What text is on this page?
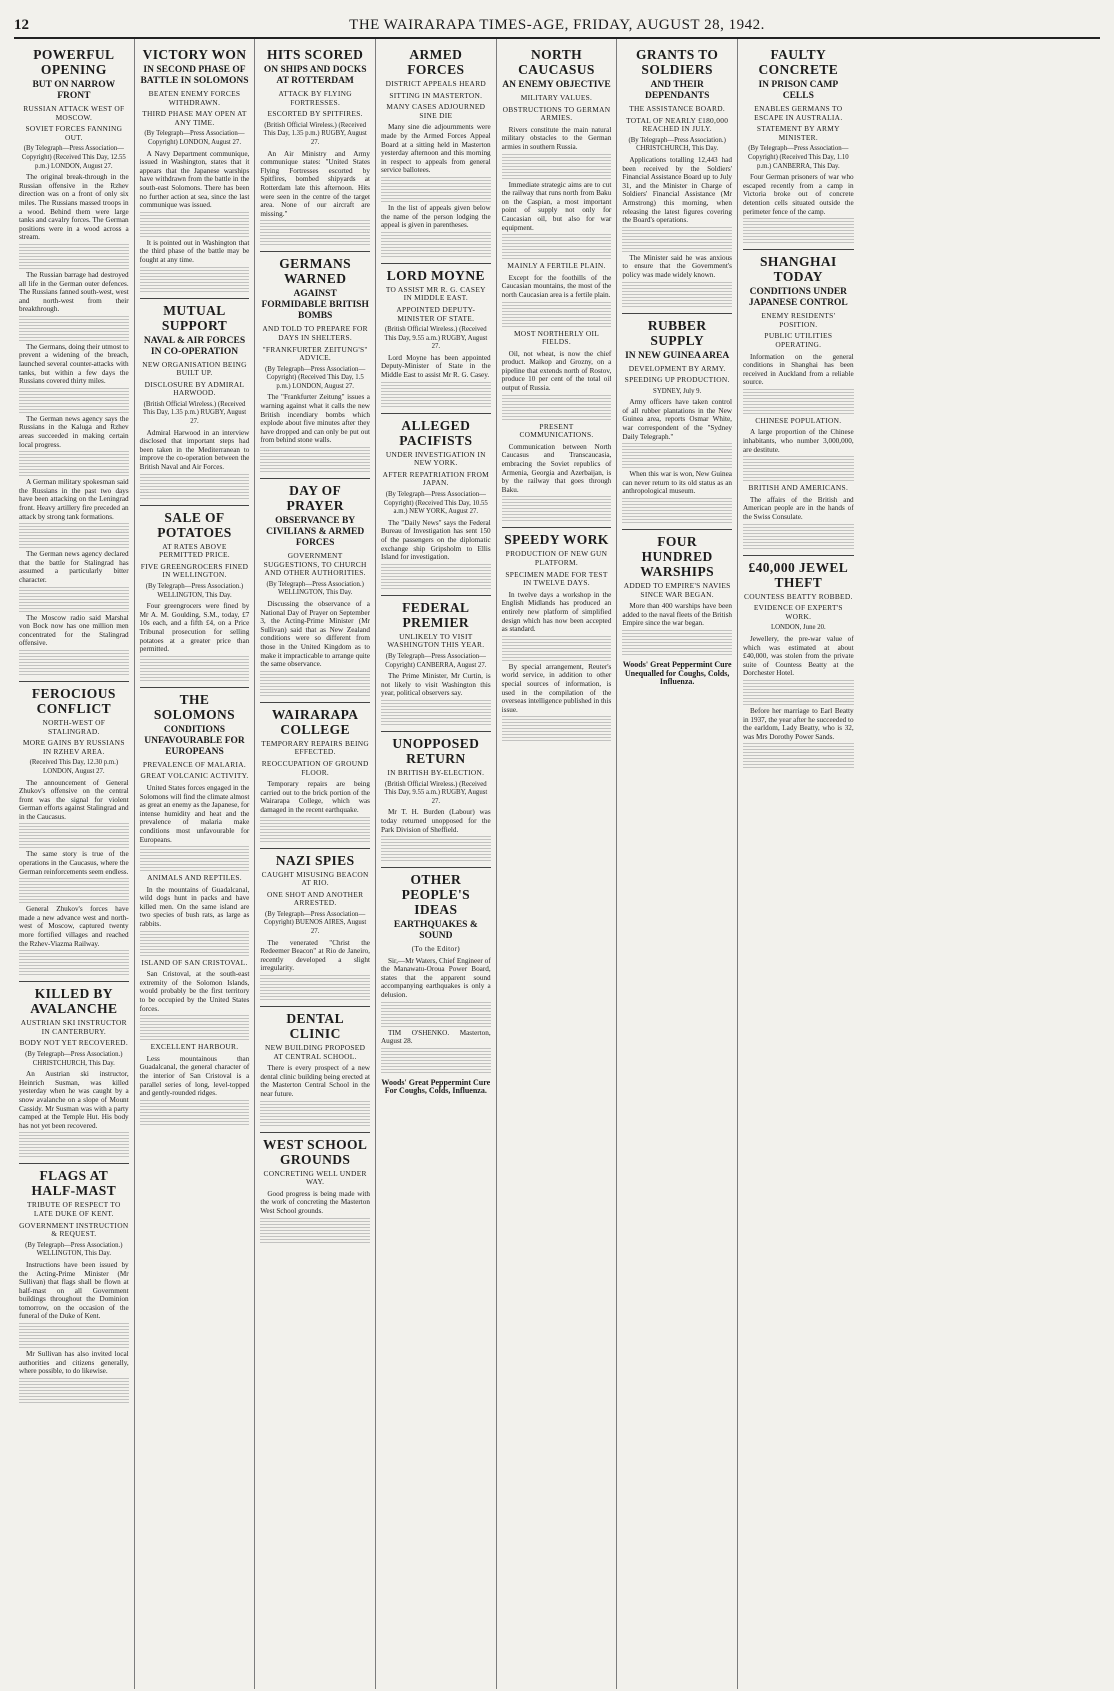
12	THE WAIRARAPA TIMES-AGE, FRIDAY, AUGUST 28, 1942.
POWERFUL OPENING
BUT ON NARROW FRONT
RUSSIAN ATTACK WEST OF MOSCOW.
SOVIET FORCES FANNING OUT.
(By Telegraph—Press Association—Copyright) (Received This Day, 12.55 p.m.) LONDON, August 27.

The original break-through in the Russian offensive in the Rzhev direction was on a front of only six miles. The Russians massed troops in a wood. Behind them were large tanks and cavalry forces. The German positions were in a wood across a stream.

The Russian barrage had destroyed all life in the German outer defences. The Russians fanned south-west, west and north-west from their breakthrough.

The Germans, doing their utmost to prevent a widening of the breach, launched several counter-attacks with tanks, but within a few days the Russians covered thirty miles.

The German news agency says the Russians in the Kaluga and Rzhev areas succeeded in making certain local progress.

A German military spokesman said the Russians in the past two days have been attacking on the Leningrad front. Heavy artillery fire preceded an attack by strong tank formations.

The German news agency declared that the battle for Stalingrad has assumed a particularly bitter character.

The Moscow radio said Marshal von Bock now has one million men concentrated for the Stalingrad offensive.

FEROCIOUS CONFLICT
NORTH-WEST OF STALINGRAD.
MORE GAINS BY RUSSIANS IN RZHEV AREA.
(Received This Day, 12.30 p.m.) LONDON, August 27.

The announcement of General Zhukov's offensive on the central front was the signal for violent German efforts against Stalingrad and in the Caucasus.

The same story is true of the operations in the Caucasus, where the German reinforcements seem endless.

General Zhukov's forces have made a new advance west and north-west of Moscow, captured twenty more fortified villages and reached the Rzhev-Viazma Railway.

KILLED BY AVALANCHE
AUSTRIAN SKI INSTRUCTOR IN CANTERBURY.
BODY NOT YET RECOVERED.
(By Telegraph—Press Association.) CHRISTCHURCH, This Day.

An Austrian ski instructor, Heinrich Susman, was killed yesterday when he was caught by a snow avalanche on a slope of Mount Cassidy. Mr Susman was with a party camped at the Temple Hut. His body has not yet been recovered.

FLAGS AT HALF-MAST
TRIBUTE OF RESPECT TO LATE DUKE OF KENT.
GOVERNMENT INSTRUCTION & REQUEST.
(By Telegraph—Press Association.) WELLINGTON, This Day.

Instructions have been issued by the Acting-Prime Minister (Mr Sullivan) that flags shall be flown at half-mast on all Government buildings throughout the Dominion tomorrow, on the occasion of the funeral of the Duke of Kent.

Mr Sullivan has also invited local authorities and citizens generally, where possible, to do likewise.

VICTORY WON
IN SECOND PHASE OF BATTLE IN SOLOMONS
BEATEN ENEMY FORCES WITHDRAWN.
THIRD PHASE MAY OPEN AT ANY TIME.
(By Telegraph—Press Association—Copyright) LONDON, August 27.

A Navy Department communique, issued in Washington, states that it appears that the Japanese warships have withdrawn from the battle in the south-east Solomons. There has been no further action at sea, since the last communique was issued.

It is pointed out in Washington that the third phase of the battle may be fought at any time.

MUTUAL SUPPORT
NAVAL & AIR FORCES IN CO-OPERATION
NEW ORGANISATION BEING BUILT UP.
DISCLOSURE BY ADMIRAL HARWOOD.
(British Official Wireless.) (Received This Day, 1.35 p.m.) RUGBY, August 27.

Admiral Harwood in an interview disclosed that important steps had been taken in the Mediterranean to improve the co-operation between the British Naval and Air Forces.

SALE OF POTATOES
AT RATES ABOVE PERMITTED PRICE.
FIVE GREENGROCERS FINED IN WELLINGTON.
(By Telegraph—Press Association.) WELLINGTON, This Day.

Four greengrocers were fined by Mr A. M. Goulding, S.M., today, £7 10s each, and a fifth £4, on a Price Tribunal prosecution for selling potatoes at a greater price than permitted.

THE SOLOMONS
CONDITIONS UNFAVOURABLE FOR EUROPEANS
PREVALENCE OF MALARIA.
GREAT VOLCANIC ACTIVITY.

United States forces engaged in the Solomons will find the climate almost as great an enemy as the Japanese, for intense humidity and heat and the prevalence of malaria make conditions most unfavourable for Europeans.

ANIMALS AND REPTILES.

In the mountains of Guadalcanal, wild dogs hunt in packs and have killed men. On the same island are two species of bush rats, as large as rabbits.

ISLAND OF SAN CRISTOVAL.

San Cristoval, at the south-east extremity of the Solomon Islands, would probably be the first territory to be occupied by the United States forces.

EXCELLENT HARBOUR.

Less mountainous than Guadalcanal, the general character of the interior of San Cristoval is a parallel series of long, level-topped and gently-rounded ridges.

HITS SCORED
ON SHIPS AND DOCKS AT ROTTERDAM
ATTACK BY FLYING FORTRESSES.
ESCORTED BY SPITFIRES.
(British Official Wireless.) (Received This Day, 1.35 p.m.) RUGBY, August 27.

An Air Ministry and Army communique states: "United States Flying Fortresses escorted by Spitfires, bombed shipyards at Rotterdam late this afternoon. Hits were seen in the centre of the target area. None of our aircraft are missing."

GERMANS WARNED
AGAINST FORMIDABLE BRITISH BOMBS
AND TOLD TO PREPARE FOR DAYS IN SHELTERS.
"FRANKFURTER ZEITUNG'S" ADVICE.
(By Telegraph—Press Association—Copyright) (Received This Day, 1.5 p.m.) LONDON, August 27.

The "Frankfurter Zeitung" issues a warning against what it calls the new British incendiary bombs which explode about five minutes after they have dropped and can only be put out from behind stone walls.

DAY OF PRAYER
OBSERVANCE BY CIVILIANS & ARMED FORCES
GOVERNMENT SUGGESTIONS, TO CHURCH AND OTHER AUTHORITIES.
(By Telegraph—Press Association.) WELLINGTON, This Day.

Discussing the observance of a National Day of Prayer on September 3, the Acting-Prime Minister (Mr Sullivan) said that as New Zealand conditions were so different from those in the United Kingdom as to make it impracticable to arrange quite the same observance.

WAIRARAPA COLLEGE
TEMPORARY REPAIRS BEING EFFECTED.
REOCCUPATION OF GROUND FLOOR.

Temporary repairs are being carried out to the brick portion of the Wairarapa College, which was damaged in the recent earthquake.

NAZI SPIES
CAUGHT MISUSING BEACON AT RIO.
ONE SHOT AND ANOTHER ARRESTED.
(By Telegraph—Press Association—Copyright) BUENOS AIRES, August 27.

The venerated "Christ the Redeemer Beacon" at Rio de Janeiro, recently developed a slight irregularity.

DENTAL CLINIC
NEW BUILDING PROPOSED AT CENTRAL SCHOOL.

There is every prospect of a new dental clinic building being erected at the Masterton Central School in the near future.

WEST SCHOOL GROUNDS
CONCRETING WELL UNDER WAY.

Good progress is being made with the work of concreting the Masterton West School grounds.

ARMED FORCES
DISTRICT APPEALS HEARD
SITTING IN MASTERTON.
MANY CASES ADJOURNED SINE DIE

Many sine die adjournments were made by the Armed Forces Appeal Board at a sitting held in Masterton yesterday afternoon and this morning in respect to appeals from general service ballotees.

In the list of appeals given below the name of the person lodging the appeal is given in parentheses.

LORD MOYNE
TO ASSIST MR R. G. CASEY IN MIDDLE EAST.
APPOINTED DEPUTY-MINISTER OF STATE.
(British Official Wireless.) (Received This Day, 9.55 a.m.) RUGBY, August 27.

Lord Moyne has been appointed Deputy-Minister of State in the Middle East to assist Mr R. G. Casey.

ALLEGED PACIFISTS
UNDER INVESTIGATION IN NEW YORK.
AFTER REPATRIATION FROM JAPAN.
(By Telegraph—Press Association—Copyright) (Received This Day, 10.55 a.m.) NEW YORK, August 27.

The "Daily News" says the Federal Bureau of Investigation has sent 150 of the passengers on the diplomatic exchange ship Gripsholm to Ellis Island for investigation.

FEDERAL PREMIER
UNLIKELY TO VISIT WASHINGTON THIS YEAR.
(By Telegraph—Press Association—Copyright) CANBERRA, August 27.

The Prime Minister, Mr Curtin, is not likely to visit Washington this year, political observers say.

UNOPPOSED RETURN
IN BRITISH BY-ELECTION.
(British Official Wireless.) (Received This Day, 9.55 a.m.) RUGBY, August 27.

Mr T. H. Burden (Labour) was today returned unopposed for the Park Division of Sheffield.

OTHER PEOPLE'S IDEAS
EARTHQUAKES & SOUND
(To the Editor)

Sir,—Mr Waters, Chief Engineer of the Manawatu-Oroua Power Board, states that the apparent sound accompanying earthquakes is only a delusion.

TIM O'SHENKO. Masterton, August 28.

Woods' Great Peppermint Cure For Coughs, Colds, Influenza.
NORTH CAUCASUS
AN ENEMY OBJECTIVE
MILITARY VALUES.
OBSTRUCTIONS TO GERMAN ARMIES.

Rivers constitute the main natural military obstacles to the German armies in southern Russia.

Immediate strategic aims are to cut the railway that runs north from Baku on the Caspian, a most important point of supply not only for Caucasian oil, but also for war equipment.

MAINLY A FERTILE PLAIN.

Except for the foothills of the Caucasian mountains, the most of the north Caucasian area is a fertile plain.

MOST NORTHERLY OIL FIELDS.

Oil, not wheat, is now the chief product. Maikop and Grozny, on a pipeline that extends north of Rostov, produce 10 per cent of the total oil output of Russia.

PRESENT COMMUNICATIONS.

Communication between North Caucasus and Transcaucasia, embracing the Soviet republics of Armenia, Georgia and Azerbaijan, is by the railway that goes through Baku.

SPEEDY WORK
PRODUCTION OF NEW GUN PLATFORM.
SPECIMEN MADE FOR TEST IN TWELVE DAYS.

In twelve days a workshop in the English Midlands has produced an entirely new platform of simplified design which has now been accepted as standard.

By special arrangement, Reuter's world service, in addition to other special sources of information, is used in the compilation of the overseas intelligence published in this issue.

GRANTS TO SOLDIERS
AND THEIR DEPENDANTS
THE ASSISTANCE BOARD.
TOTAL OF NEARLY £180,000 REACHED IN JULY.
(By Telegraph—Press Association.) CHRISTCHURCH, This Day.

Applications totalling 12,443 had been received by the Soldiers' Financial Assistance Board up to July 31, and the Minister in Charge of Soldiers' Financial Assistance (Mr Armstrong) this morning, when releasing the latest figures covering the Board's operations.

The Minister said he was anxious to ensure that the Government's policy was made widely known.

RUBBER SUPPLY
IN NEW GUINEA AREA
DEVELOPMENT BY ARMY.
SPEEDING UP PRODUCTION.
SYDNEY, July 9.

Army officers have taken control of all rubber plantations in the New Guinea area, reports Osmar White, war correspondent of the "Sydney Daily Telegraph."

When this war is won, New Guinea can never return to its old status as an anthropological museum.

FOUR HUNDRED WARSHIPS
ADDED TO EMPIRE'S NAVIES SINCE WAR BEGAN.

More than 400 warships have been added to the naval fleets of the British Empire since the war began.

Woods' Great Peppermint Cure Unequalled for Coughs, Colds, Influenza.
FAULTY CONCRETE
IN PRISON CAMP CELLS
ENABLES GERMANS TO ESCAPE IN AUSTRALIA.
STATEMENT BY ARMY MINISTER.
(By Telegraph—Press Association—Copyright) (Received This Day, 1.10 p.m.) CANBERRA, This Day.

Four German prisoners of war who escaped recently from a camp in Victoria broke out of concrete detention cells situated outside the perimeter fence of the camp.

SHANGHAI TODAY
CONDITIONS UNDER JAPANESE CONTROL
ENEMY RESIDENTS' POSITION.
PUBLIC UTILITIES OPERATING.

Information on the general conditions in Shanghai has been received in Auckland from a reliable source.

CHINESE POPULATION.

A large proportion of the Chinese inhabitants, who number 3,000,000, are destitute.

BRITISH AND AMERICANS.

The affairs of the British and American people are in the hands of the Swiss Consulate.

£40,000 JEWEL THEFT
COUNTESS BEATTY ROBBED.
EVIDENCE OF EXPERT'S WORK.
LONDON, June 20.

Jewellery, the pre-war value of which was estimated at about £40,000, was stolen from the private suite of Countess Beatty at the Dorchester Hotel.

Before her marriage to Earl Beatty in 1937, the year after he succeeded to the earldom, Lady Beatty, who is 32, was Mrs Dorothy Power Sands.
